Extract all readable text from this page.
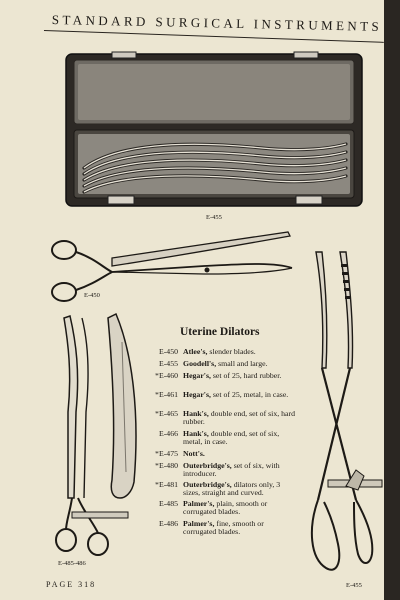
STANDARD SURGICAL INSTRUMENTS
E-455
E-450
E-485-486
E-455
Uterine Dilators
E-450 Atlee's, slender blades.
E-455 Goodell's, small and large.
*E-460 Hegar's, set of 25, hard rubber.
*E-461 Hegar's, set of 25, metal, in case.
*E-465 Hank's, double end, set of six, hard rubber.
E-466 Hank's, double end, set of six, metal, in case.
*E-475 Nott's.
*E-480 Outerbridge's, set of six, with introducer.
*E-481 Outerbridge's, dilators only, 3 sizes, straight and curved.
E-485 Palmer's, plain, smooth or corrugated blades.
E-486 Palmer's, fine, smooth or corrugated blades.
PAGE 318
